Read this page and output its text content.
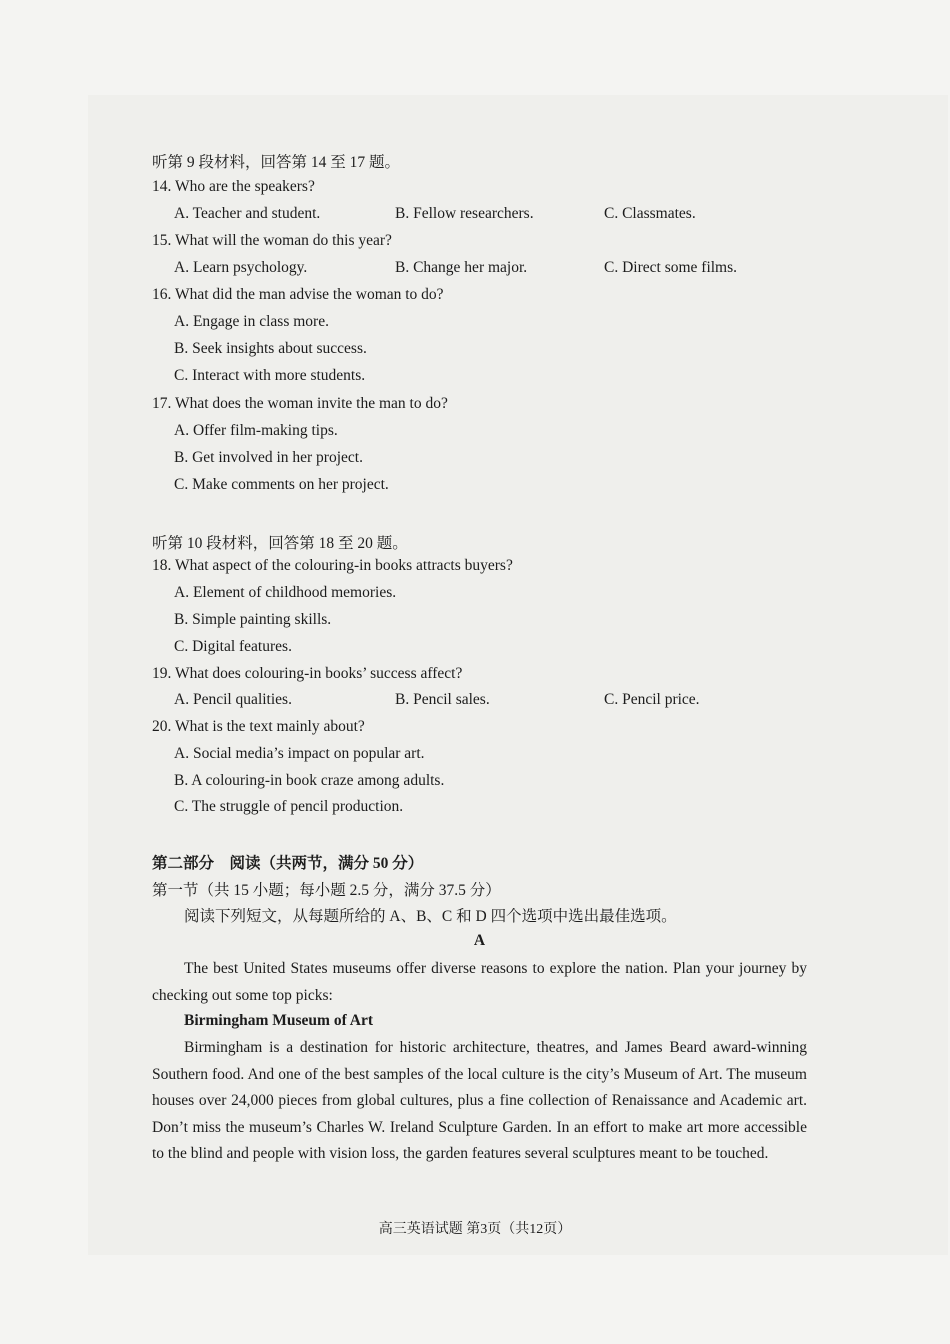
听第 9 段材料，回答第 14 至 17 题。
14. Who are the speakers?
A. Teacher and student.	B. Fellow researchers.	C. Classmates.
15. What will the woman do this year?
A. Learn psychology.	B. Change her major.	C. Direct some films.
16. What did the man advise the woman to do?
A. Engage in class more.
B. Seek insights about success.
C. Interact with more students.
17. What does the woman invite the man to do?
A. Offer film-making tips.
B. Get involved in her project.
C. Make comments on her project.
听第 10 段材料，回答第 18 至 20 题。
18. What aspect of the colouring-in books attracts buyers?
A. Element of childhood memories.
B. Simple painting skills.
C. Digital features.
19. What does colouring-in books’ success affect?
A. Pencil qualities.	B. Pencil sales.	C. Pencil price.
20. What is the text mainly about?
A. Social media’s impact on popular art.
B. A colouring-in book craze among adults.
C. The struggle of pencil production.
第二部分　阅读（共两节，满分 50 分）
第一节（共 15 小题；每小题 2.5 分，满分 37.5 分）
阅读下列短文，从每题所给的 A、B、C 和 D 四个选项中选出最佳选项。
A
The best United States museums offer diverse reasons to explore the nation. Plan your journey by checking out some top picks:
Birmingham Museum of Art
Birmingham is a destination for historic architecture, theatres, and James Beard award-winning Southern food. And one of the best samples of the local culture is the city’s Museum of Art. The museum houses over 24,000 pieces from global cultures, plus a fine collection of Renaissance and Academic art. Don’t miss the museum’s Charles W. Ireland Sculpture Garden. In an effort to make art more accessible to the blind and people with vision loss, the garden features several sculptures meant to be touched.
高三英语试题 第3页（共12页）
